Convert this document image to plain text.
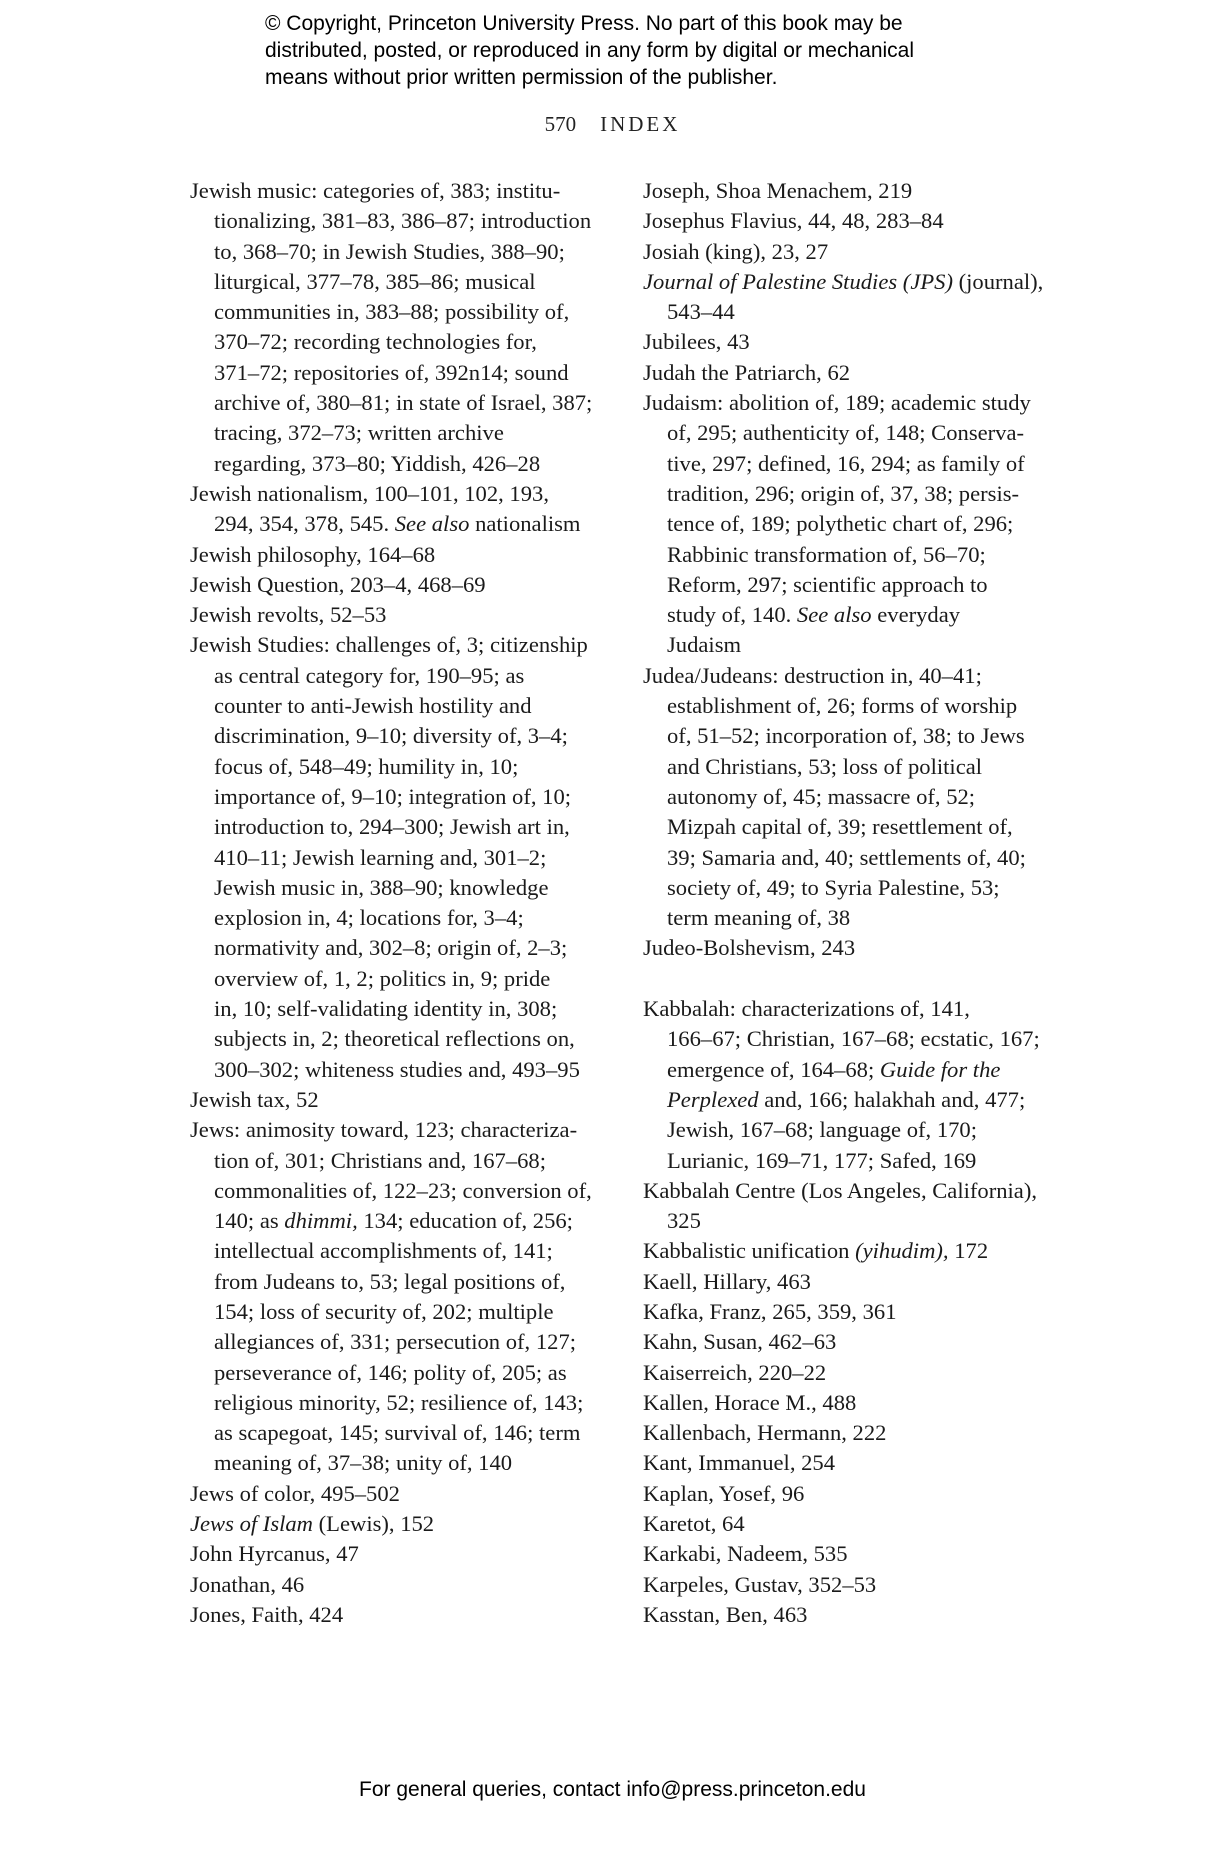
© Copyright, Princeton University Press. No part of this book may be
distributed, posted, or reproduced in any form by digital or mechanical
means without prior written permission of the publisher.
570 INDEX
Jewish music: categories of, 383; institu-
tionalizing, 381–83, 386–87; introduction
to, 368–70; in Jewish Studies, 388–90;
liturgical, 377–78, 385–86; musical
communities in, 383–88; possibility of,
370–72; recording technologies for,
371–72; repositories of, 392n14; sound
archive of, 380–81; in state of Israel, 387;
tracing, 372–73; written archive
regarding, 373–80; Yiddish, 426–28
Jewish nationalism, 100–101, 102, 193,
294, 354, 378, 545. See also nationalism
Jewish philosophy, 164–68
Jewish Question, 203–4, 468–69
Jewish revolts, 52–53
Jewish Studies: challenges of, 3; citizenship
as central category for, 190–95; as
counter to anti-Jewish hostility and
discrimination, 9–10; diversity of, 3–4;
focus of, 548–49; humility in, 10;
importance of, 9–10; integration of, 10;
introduction to, 294–300; Jewish art in,
410–11; Jewish learning and, 301–2;
Jewish music in, 388–90; knowledge
explosion in, 4; locations for, 3–4;
normativity and, 302–8; origin of, 2–3;
overview of, 1, 2; politics in, 9; pride
in, 10; self-validating identity in, 308;
subjects in, 2; theoretical reflections on,
300–302; whiteness studies and, 493–95
Jewish tax, 52
Jews: animosity toward, 123; characteriza-
tion of, 301; Christians and, 167–68;
commonalities of, 122–23; conversion of,
140; as dhimmi, 134; education of, 256;
intellectual accomplishments of, 141;
from Judeans to, 53; legal positions of,
154; loss of security of, 202; multiple
allegiances of, 331; persecution of, 127;
perseverance of, 146; polity of, 205; as
religious minority, 52; resilience of, 143;
as scapegoat, 145; survival of, 146; term
meaning of, 37–38; unity of, 140
Jews of color, 495–502
Jews of Islam (Lewis), 152
John Hyrcanus, 47
Jonathan, 46
Jones, Faith, 424
Joseph, Shoa Menachem, 219
Josephus Flavius, 44, 48, 283–84
Josiah (king), 23, 27
Journal of Palestine Studies (JPS) (journal),
543–44
Jubilees, 43
Judah the Patriarch, 62
Judaism: abolition of, 189; academic study
of, 295; authenticity of, 148; Conserva-
tive, 297; defined, 16, 294; as family of
tradition, 296; origin of, 37, 38; persis-
tence of, 189; polythetic chart of, 296;
Rabbinic transformation of, 56–70;
Reform, 297; scientific approach to
study of, 140. See also everyday
Judaism
Judea/Judeans: destruction in, 40–41;
establishment of, 26; forms of worship
of, 51–52; incorporation of, 38; to Jews
and Christians, 53; loss of political
autonomy of, 45; massacre of, 52;
Mizpah capital of, 39; resettlement of,
39; Samaria and, 40; settlements of, 40;
society of, 49; to Syria Palestine, 53;
term meaning of, 38
Judeo-Bolshevism, 243
Kabbalah: characterizations of, 141,
166–67; Christian, 167–68; ecstatic, 167;
emergence of, 164–68; Guide for the
Perplexed and, 166; halakhah and, 477;
Jewish, 167–68; language of, 170;
Lurianic, 169–71, 177; Safed, 169
Kabbalah Centre (Los Angeles, California),
325
Kabbalistic unification (yihudim), 172
Kaell, Hillary, 463
Kafka, Franz, 265, 359, 361
Kahn, Susan, 462–63
Kaiserreich, 220–22
Kallen, Horace M., 488
Kallenbach, Hermann, 222
Kant, Immanuel, 254
Kaplan, Yosef, 96
Karetot, 64
Karkabi, Nadeem, 535
Karpeles, Gustav, 352–53
Kasstan, Ben, 463
For general queries, contact info@press.princeton.edu
